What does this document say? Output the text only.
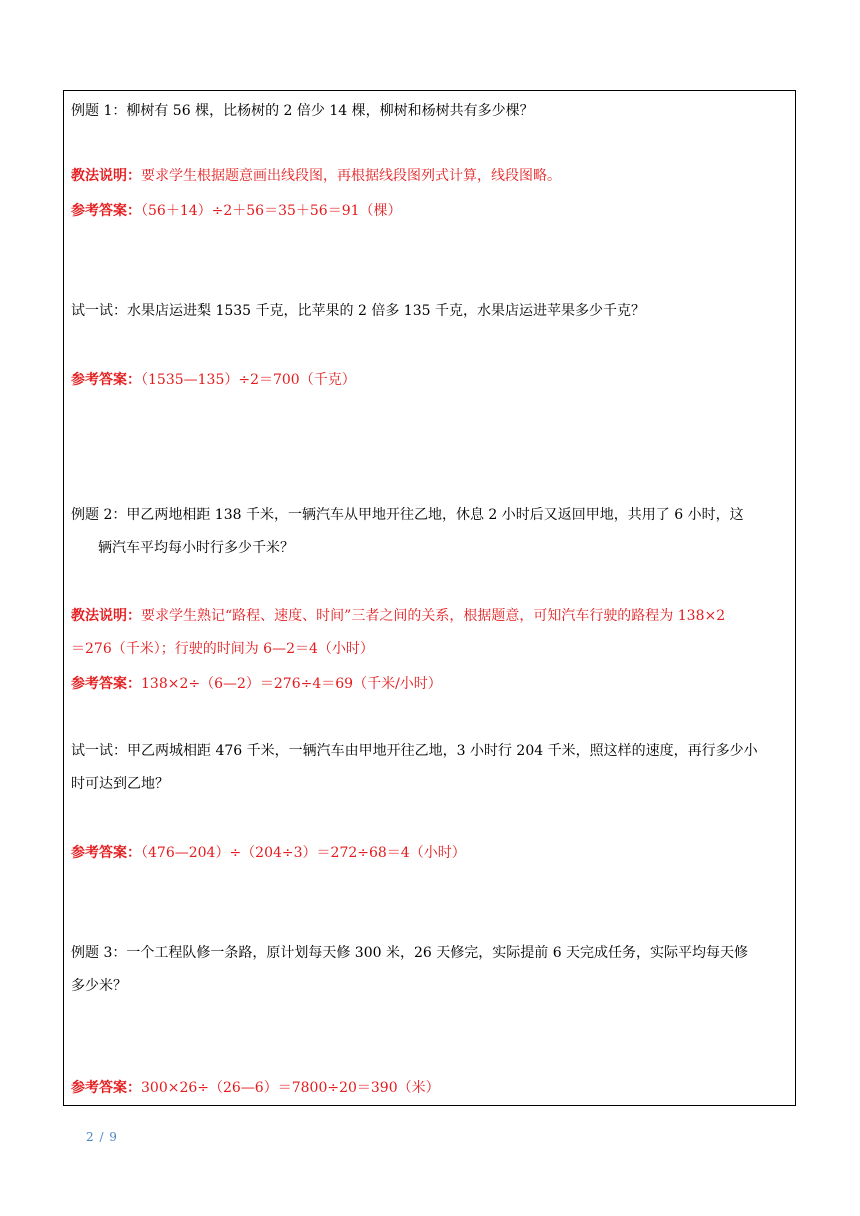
例题 1：柳树有 56 棵，比杨树的 2 倍少 14 棵，柳树和杨树共有多少棵？
教法说明：要求学生根据题意画出线段图，再根据线段图列式计算，线段图略。
参考答案：（56＋14）÷2＋56＝35＋56＝91（棵）
试一试：水果店运进梨 1535 千克，比苹果的 2 倍多 135 千克，水果店运进苹果多少千克？
参考答案：（1535—135）÷2＝700（千克）
例题 2：甲乙两地相距 138 千米，一辆汽车从甲地开往乙地，休息 2 小时后又返回甲地，共用了 6 小时，这
辆汽车平均每小时行多少千米？
教法说明：要求学生熟记“路程、速度、时间”三者之间的关系，根据题意，可知汽车行驶的路程为 138×2
＝276（千米）；行驶的时间为 6—2＝4（小时）
参考答案：138×2÷（6—2）＝276÷4＝69（千米/小时）
试一试：甲乙两城相距 476 千米，一辆汽车由甲地开往乙地，3 小时行 204 千米，照这样的速度，再行多少小
时可达到乙地？
参考答案：（476—204）÷（204÷3）＝272÷68＝4（小时）
例题 3：一个工程队修一条路，原计划每天修 300 米，26 天修完，实际提前 6 天完成任务，实际平均每天修
多少米？
参考答案：300×26÷（26—6）＝7800÷20＝390（米）
2 / 9
